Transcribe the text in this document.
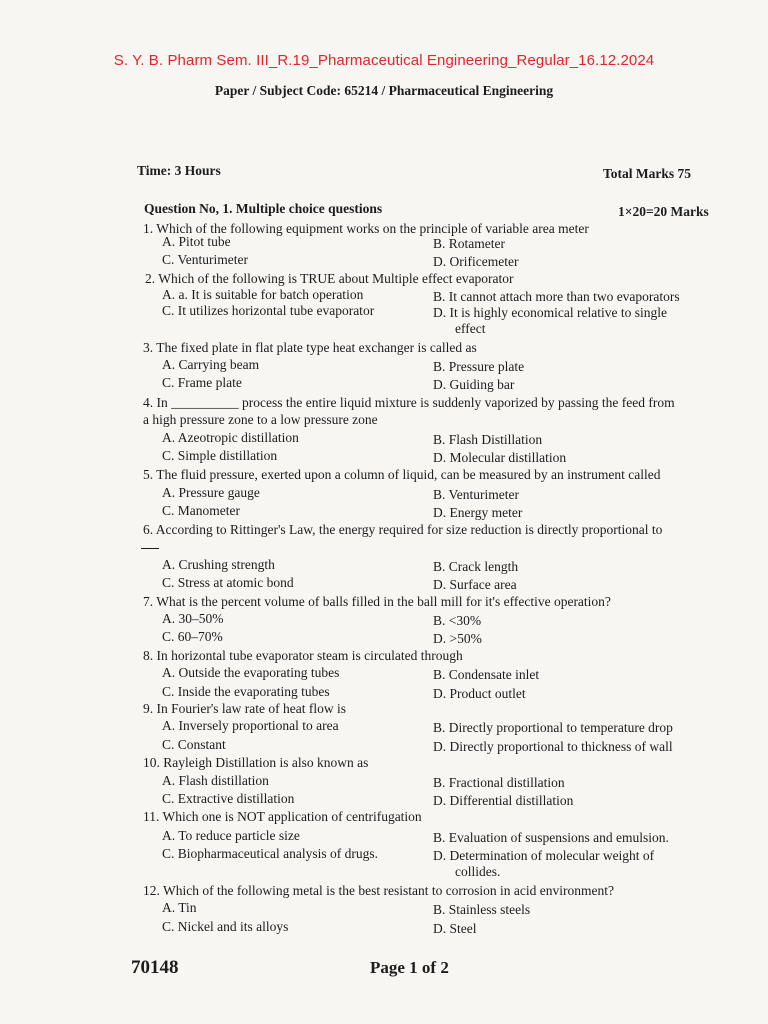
S. Y. B. Pharm Sem. III_R.19_Pharmaceutical Engineering_Regular_16.12.2024
Paper / Subject Code: 65214 / Pharmaceutical Engineering
Time: 3 Hours	Total Marks 75
Question No, 1. Multiple choice questions	1×20=20 Marks
1. Which of the following equipment works on the principle of variable area meter
A. Pitot tube	B. Rotameter
C. Venturimeter	D. Orificemeter
2. Which of the following is TRUE about Multiple effect evaporator
A. a. It is suitable for batch operation	B. It cannot attach more than two evaporators
C. It utilizes horizontal tube evaporator	D. It is highly economical relative to single
effect
3. The fixed plate in flat plate type heat exchanger is called as
A. Carrying beam	B. Pressure plate
C. Frame plate	D. Guiding bar
4. In __________ process the entire liquid mixture is suddenly vaporized by passing the feed from
a high pressure zone to a low pressure zone
A. Azeotropic distillation	B. Flash Distillation
C. Simple distillation	D. Molecular distillation
5. The fluid pressure, exerted upon a column of liquid, can be measured by an instrument called
A. Pressure gauge	B. Venturimeter
C. Manometer	D. Energy meter
6. According to Rittinger's Law, the energy required for size reduction is directly proportional to
A. Crushing strength	B. Crack length
C. Stress at atomic bond	D. Surface area
7. What is the percent volume of balls filled in the ball mill for it's effective operation?
A. 30–50%	B. <30%
C. 60–70%	D. >50%
8. In horizontal tube evaporator steam is circulated through
A. Outside the evaporating tubes	B. Condensate inlet
C. Inside the evaporating tubes	D. Product outlet
9. In Fourier's law rate of heat flow is
A. Inversely proportional to area	B. Directly proportional to temperature drop
C. Constant	D. Directly proportional to thickness of wall
10. Rayleigh Distillation is also known as
A. Flash distillation	B. Fractional distillation
C. Extractive distillation	D. Differential distillation
11. Which one is NOT application of centrifugation
A. To reduce particle size	B. Evaluation of suspensions and emulsion.
C. Biopharmaceutical analysis of drugs.	D. Determination of molecular weight of
collides.
12. Which of the following metal is the best resistant to corrosion in acid environment?
A. Tin	B. Stainless steels
C. Nickel and its alloys	D. Steel
70148	Page 1 of 2
